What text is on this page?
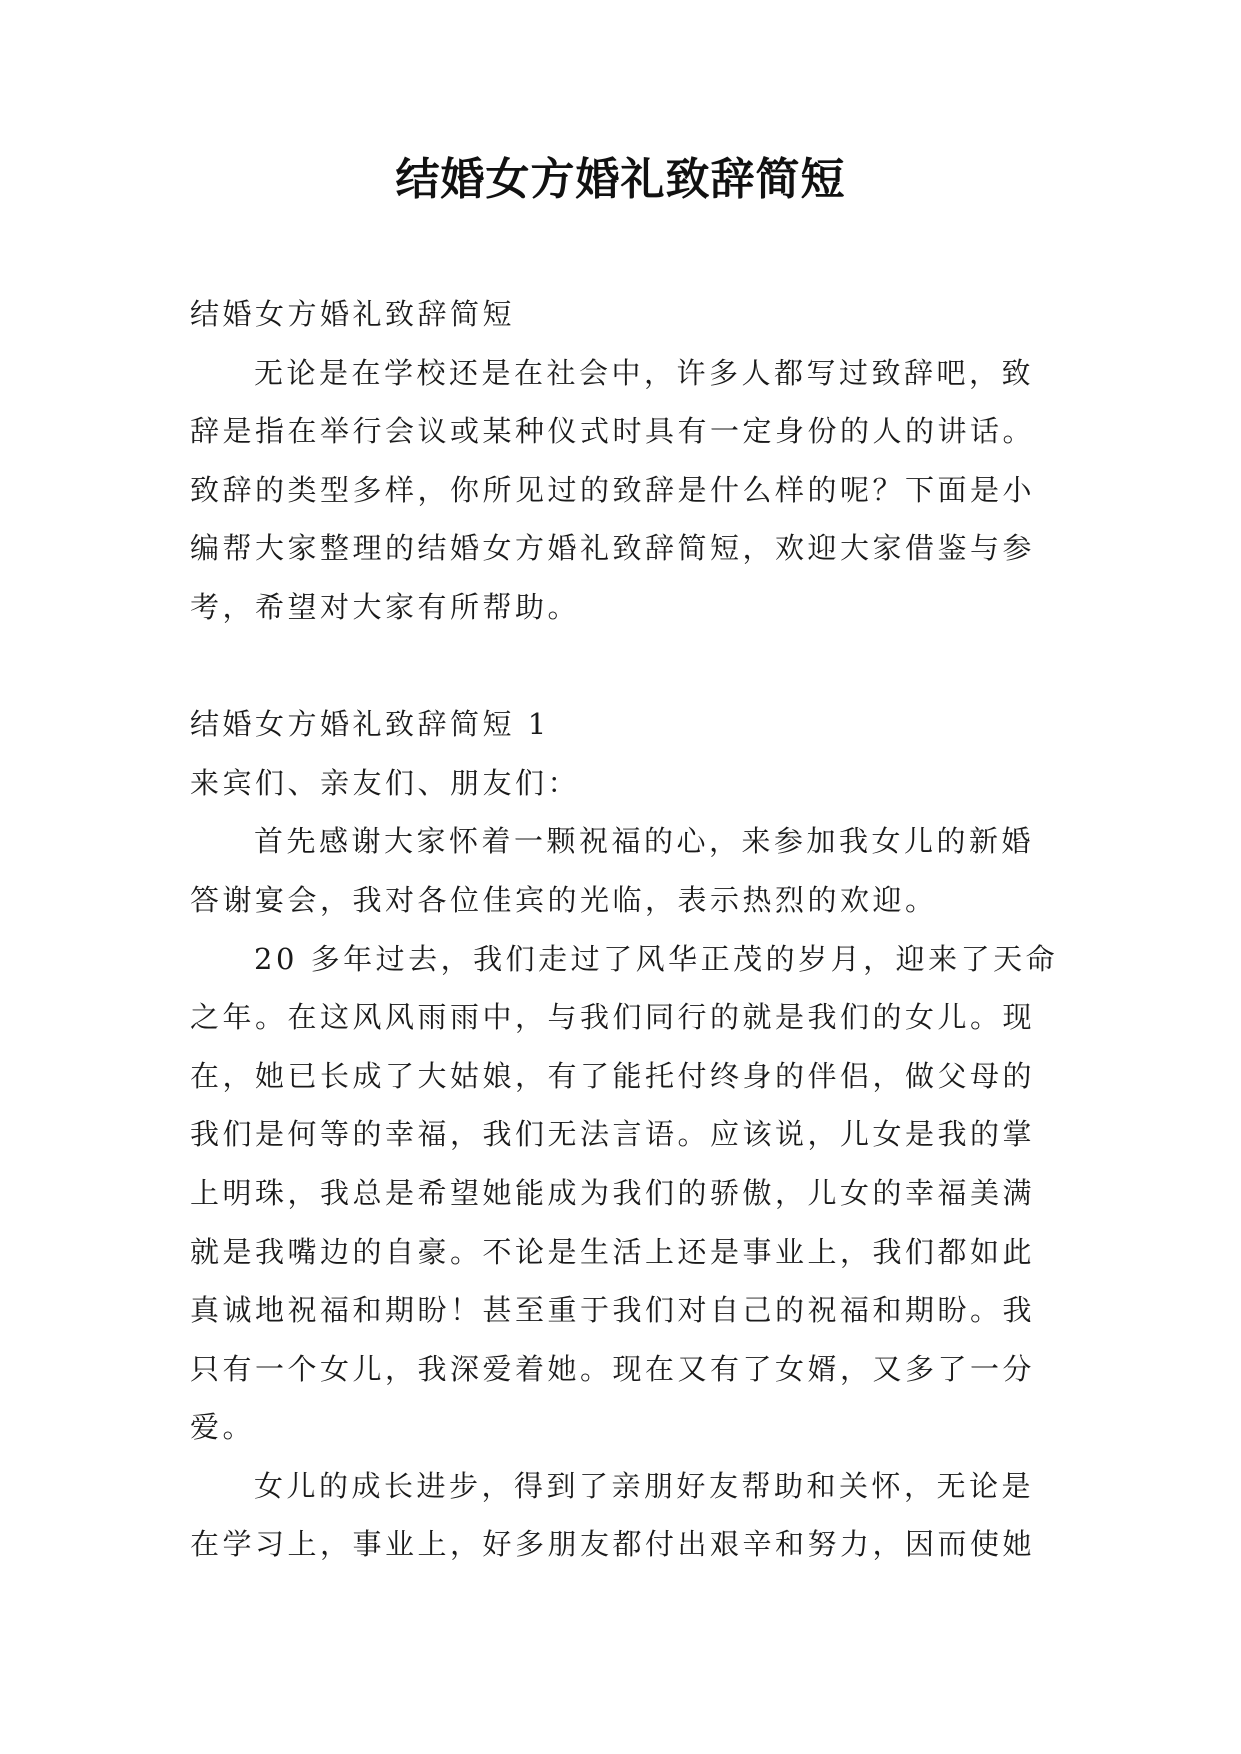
结婚女方婚礼致辞简短
结婚女方婚礼致辞简短
无论是在学校还是在社会中，许多人都写过致辞吧，致
辞是指在举行会议或某种仪式时具有一定身份的人的讲话。
致辞的类型多样，你所见过的致辞是什么样的呢？下面是小
编帮大家整理的结婚女方婚礼致辞简短，欢迎大家借鉴与参
考，希望对大家有所帮助。
结婚女方婚礼致辞简短 1
来宾们、亲友们、朋友们：
首先感谢大家怀着一颗祝福的心，来参加我女儿的新婚
答谢宴会，我对各位佳宾的光临，表示热烈的欢迎。
20 多年过去，我们走过了风华正茂的岁月，迎来了天命
之年。在这风风雨雨中，与我们同行的就是我们的女儿。现
在，她已长成了大姑娘，有了能托付终身的伴侣，做父母的
我们是何等的幸福，我们无法言语。应该说，儿女是我的掌
上明珠，我总是希望她能成为我们的骄傲，儿女的幸福美满
就是我嘴边的自豪。不论是生活上还是事业上，我们都如此
真诚地祝福和期盼！甚至重于我们对自己的祝福和期盼。我
只有一个女儿，我深爱着她。现在又有了女婿，又多了一分
爱。
女儿的成长进步，得到了亲朋好友帮助和关怀，无论是
在学习上，事业上，好多朋友都付出艰辛和努力，因而使她
